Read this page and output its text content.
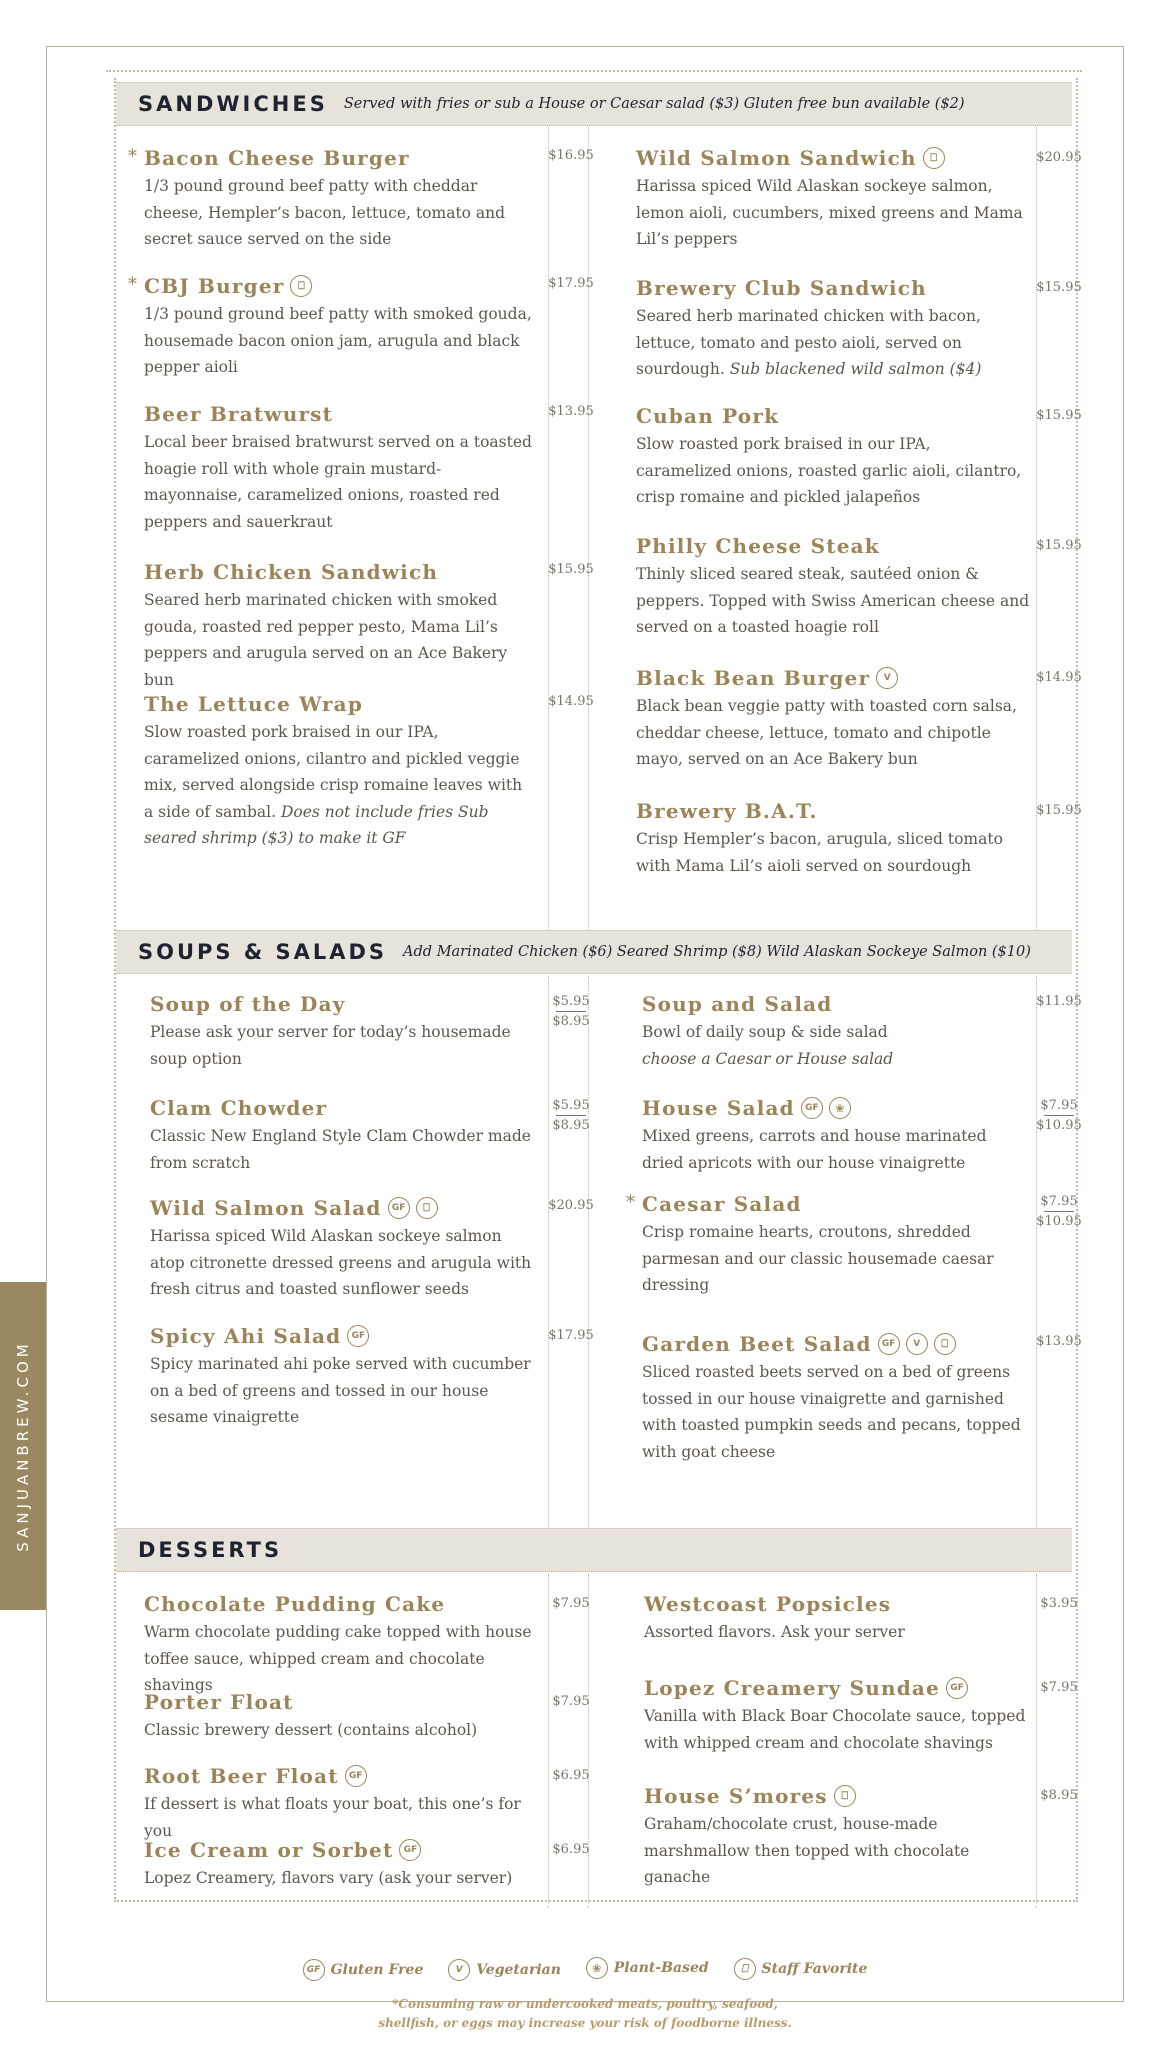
SANJUANBREW.COM
SANDWICHES Served with fries or sub a House or Caesar salad ($3) Gluten free bun available ($2)
* Bacon Cheese Burger
1/3 pound ground beef patty with cheddar cheese, Hempler’s bacon, lettuce, tomato and secret sauce served on the side
$16.95
* CBJ Burger
⎕
1/3 pound ground beef patty with smoked gouda, housemade bacon onion jam, arugula and black pepper aioli
$17.95
Beer Bratwurst
Local beer braised bratwurst served on a toasted hoagie roll with whole grain mustard-mayonnaise, caramelized onions, roasted red peppers and sauerkraut
$13.95
Herb Chicken Sandwich
Seared herb marinated chicken with smoked gouda, roasted red pepper pesto, Mama Lil’s peppers and arugula served on an Ace Bakery bun
$15.95
The Lettuce Wrap
Slow roasted pork braised in our IPA, caramelized onions, cilantro and pickled veggie mix, served alongside crisp romaine leaves with a side of sambal. Does not include fries Sub seared shrimp ($3) to make it GF
$14.95
Wild Salmon Sandwich
⎕
Harissa spiced Wild Alaskan sockeye salmon, lemon aioli, cucumbers, mixed greens and Mama Lil’s peppers
$20.95
Brewery Club Sandwich
Seared herb marinated chicken with bacon, lettuce, tomato and pesto aioli, served on sourdough. Sub blackened wild salmon ($4)
$15.95
Cuban Pork
Slow roasted pork braised in our IPA, caramelized onions, roasted garlic aioli, cilantro, crisp romaine and pickled jalapeños
$15.95
Philly Cheese Steak
Thinly sliced seared steak, sautéed onion & peppers. Topped with Swiss American cheese and served on a toasted hoagie roll
$15.95
Black Bean Burger	V
Black bean veggie patty with toasted corn salsa, cheddar cheese, lettuce, tomato and chipotle mayo, served on an Ace Bakery bun
$14.95
Brewery B.A.T.
Crisp Hempler’s bacon, arugula, sliced tomato with Mama Lil’s aioli served on sourdough
$15.95
SOUPS & SALADS Add Marinated Chicken ($6) Seared Shrimp ($8) Wild Alaskan Sockeye Salmon ($10)
Soup of the Day
Please ask your server for today’s housemade soup option
$5.95
$8.95
Clam Chowder
Classic New England Style Clam Chowder made from scratch
$5.95
$8.95
Wild Salmon Salad	GF
⎕
Harissa spiced Wild Alaskan sockeye salmon atop citronette dressed greens and arugula with fresh citrus and toasted sunflower seeds
$20.95
Spicy Ahi Salad	GF
Spicy marinated ahi poke served with cucumber on a bed of greens and tossed in our house sesame vinaigrette
$17.95
Soup and Salad
Bowl of daily soup & side salad
choose a Caesar or House salad
$11.95
House Salad	GF
❀
Mixed greens, carrots and house marinated dried apricots with our house vinaigrette
$7.95
$10.95
* Caesar Salad
Crisp romaine hearts, croutons, shredded parmesan and our classic housemade caesar dressing
$7.95
$10.95
Garden Beet Salad	GF	V
⎕
Sliced roasted beets served on a bed of greens tossed in our house vinaigrette and garnished with toasted pumpkin seeds and pecans, topped with goat cheese
$13.95
DESSERTS
Chocolate Pudding Cake
Warm chocolate pudding cake topped with house toffee sauce, whipped cream and chocolate shavings
$7.95
Porter Float
Classic brewery dessert (contains alcohol)
$7.95
Root Beer Float	GF
If dessert is what floats your boat, this one’s for you
$6.95
Ice Cream or Sorbet	GF
Lopez Creamery, flavors vary (ask your server)
$6.95
Westcoast Popsicles
Assorted flavors. Ask your server
$3.95
Lopez Creamery Sundae	GF
Vanilla with Black Boar Chocolate sauce, topped with whipped cream and chocolate shavings
$7.95
House S’mores
⎕
Graham/chocolate crust, house-made marshmallow then topped with chocolate ganache
$8.95
GF Gluten Free
	V Vegetarian
❀	Plant-Based
⎕	Staff Favorite
*Consuming raw or undercooked meats, poultry, seafood,
shellfish, or eggs may increase your risk of foodborne illness.
